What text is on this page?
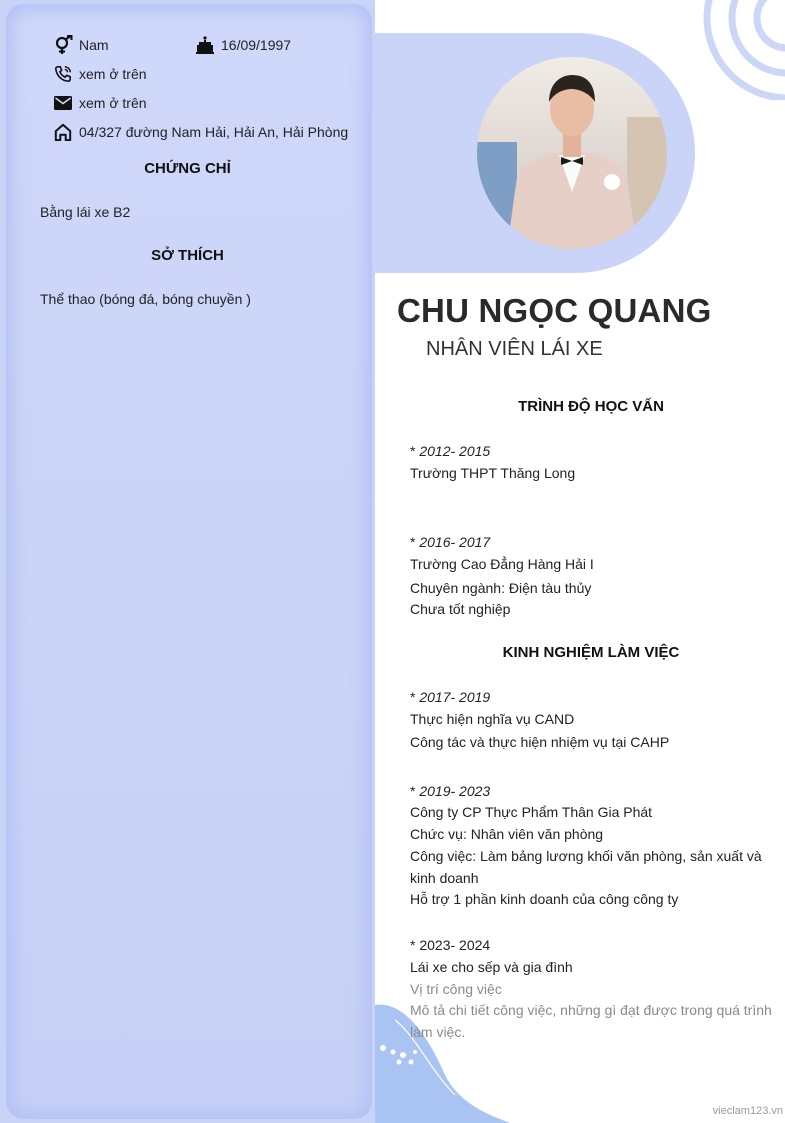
Nam	16/09/1997
xem ở trên
xem ở trên
04/327 đường Nam Hải, Hải An, Hải Phòng
CHỨNG CHỈ
Bằng lái xe B2
SỞ THÍCH
Thể thao (bóng đá, bóng chuyền )	CHU NGỌC QUANG
NHÂN VIÊN LÁI XE
TRÌNH ĐỘ HỌC VẤN
* 2012- 2015
Trường THPT Thăng Long
* 2016- 2017
Trường Cao Đẳng Hàng Hải I
Chuyên ngành: Điện tàu thủy
Chưa tốt nghiệp
KINH NGHIỆM LÀM VIỆC
* 2017- 2019
Thực hiện nghĩa vụ CAND
Công tác và thực hiện nhiệm vụ tại CAHP
* 2019- 2023
Công ty CP Thực Phẩm Thân Gia Phát
Chức vụ: Nhân viên văn phòng
Công việc: Làm bảng lương khối văn phòng, sản xuất và kinh doanh
Hỗ trợ 1 phần kinh doanh của công công ty
* 2023- 2024
Lái xe cho sếp và gia đình
Vị trí công việc
Mô tả chi tiết công việc, những gì đạt được trong quá trình làm việc.
vieclam123.vn
